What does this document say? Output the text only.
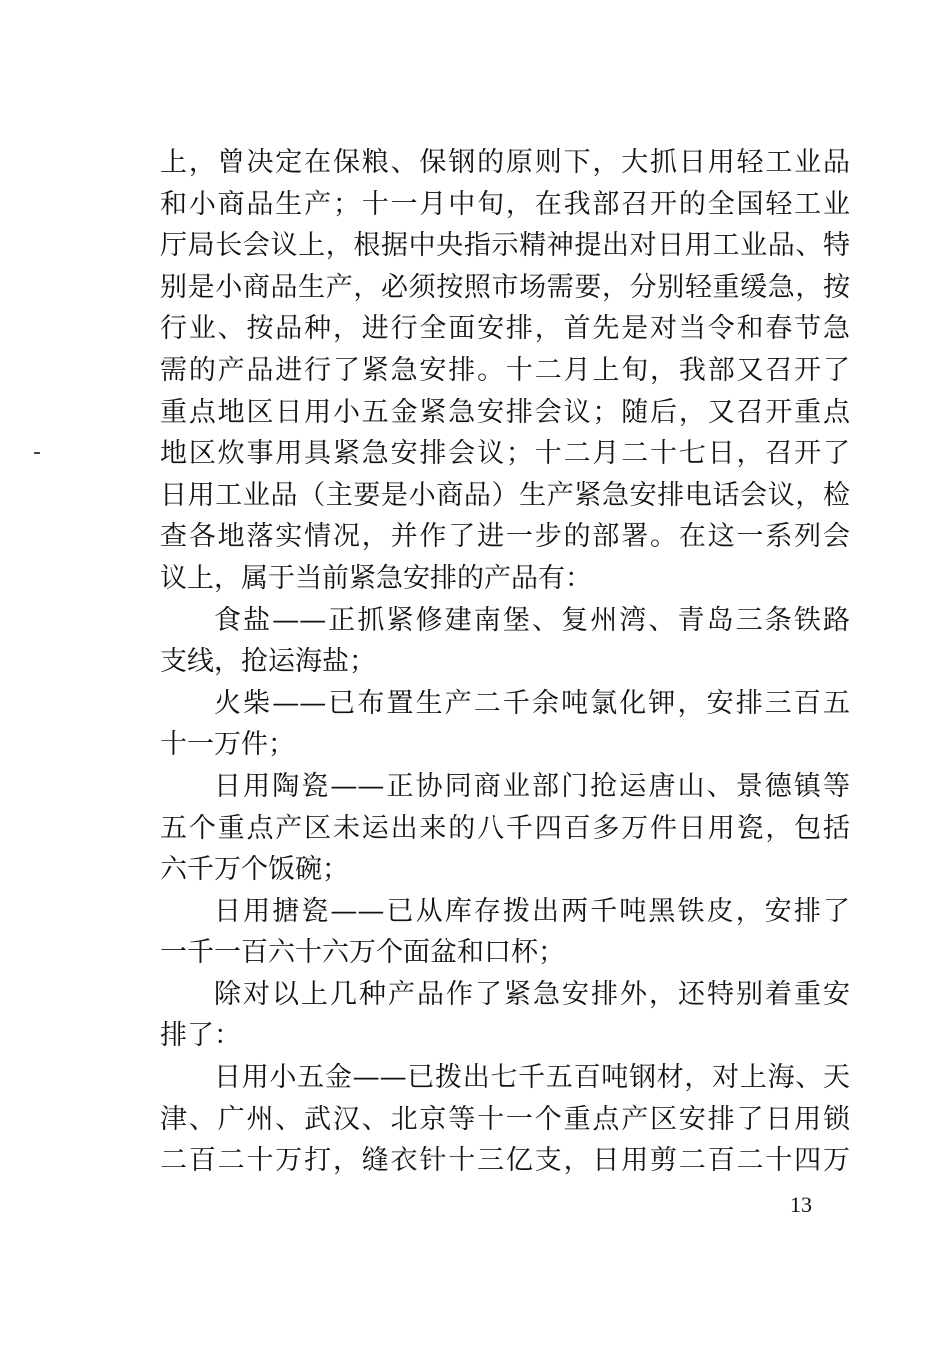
上，曾决定在保粮、保钢的原则下，大抓日用轻工业品
和小商品生产；十一月中旬，在我部召开的全国轻工业
厅局长会议上，根据中央指示精神提出对日用工业品、特
别是小商品生产，必须按照市场需要，分别轻重缓急，按
行业、按品种，进行全面安排，首先是对当令和春节急
需的产品进行了紧急安排。十二月上旬，我部又召开了
重点地区日用小五金紧急安排会议；随后，又召开重点
地区炊事用具紧急安排会议；十二月二十七日，召开了
日用工业品（主要是小商品）生产紧急安排电话会议，检
查各地落实情况，并作了进一步的部署。在这一系列会
议上，属于当前紧急安排的产品有：
食盐——正抓紧修建南堡、复州湾、青岛三条铁路
支线，抢运海盐；
火柴——已布置生产二千余吨氯化钾，安排三百五
十一万件；
日用陶瓷——正协同商业部门抢运唐山、景德镇等
五个重点产区未运出来的八千四百多万件日用瓷，包括
六千万个饭碗；
日用搪瓷——已从库存拨出两千吨黑铁皮，安排了
一千一百六十六万个面盆和口杯；
除对以上几种产品作了紧急安排外，还特别着重安
排了：
日用小五金——已拨出七千五百吨钢材，对上海、天
津、广州、武汉、北京等十一个重点产区安排了日用锁
二百二十万打，缝衣针十三亿支，日用剪二百二十四万
13
